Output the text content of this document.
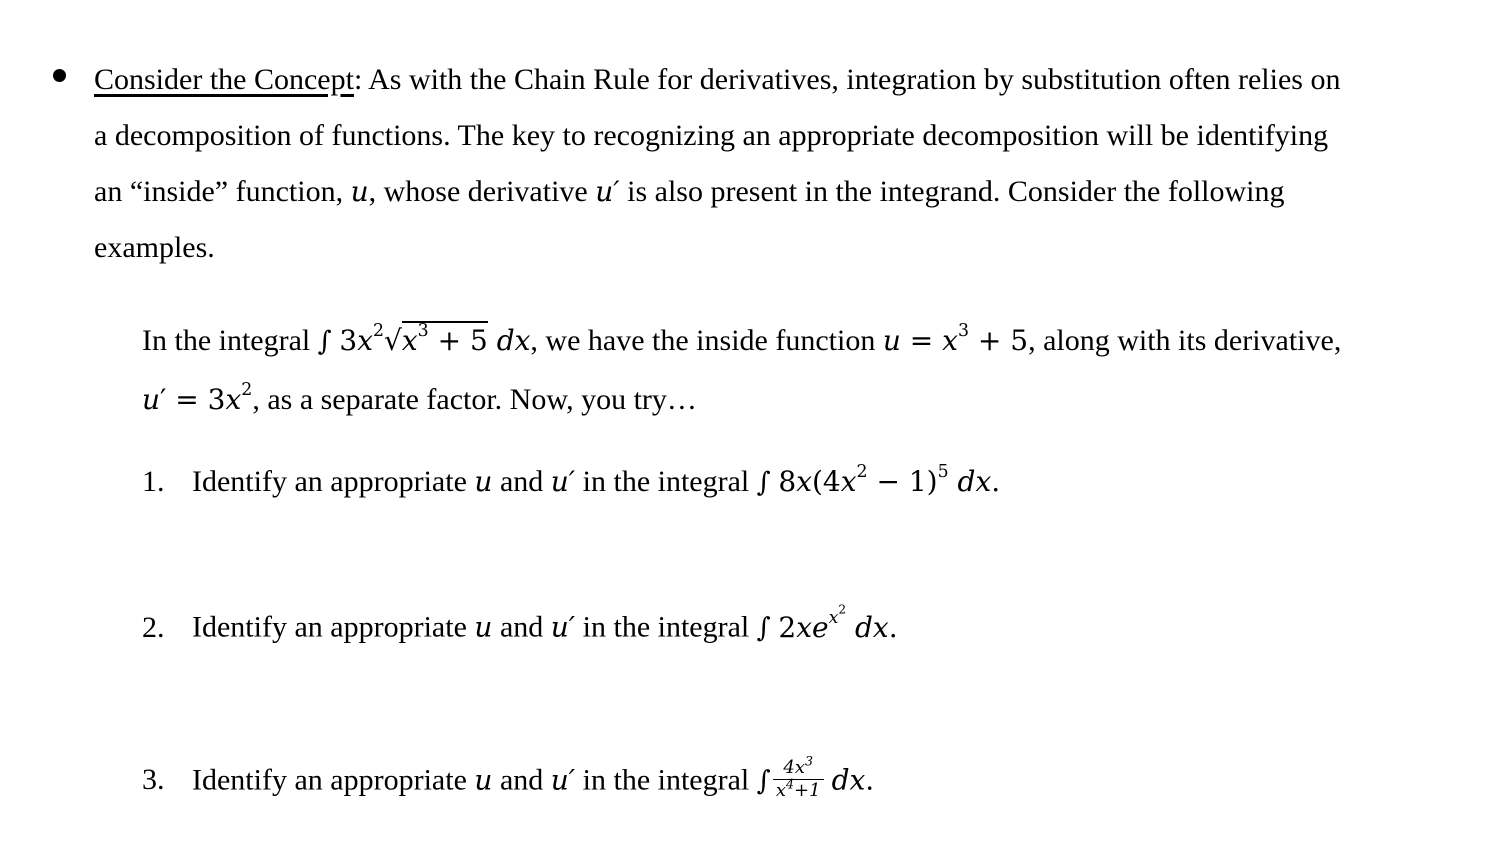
Consider the Concept: As with the Chain Rule for derivatives, integration by substitution often relies on
a decomposition of functions. The key to recognizing an appropriate decomposition will be identifying
an “inside” function, u, whose derivative u′ is also present in the integrand. Consider the following
examples.
In the integral ∫ $3x^2√x^3 + 5$ dx, we have the inside function $u = x^3 + 5$, along with its derivative,
$u' = 3x^2$, as a separate factor. Now, you try…
1. Identify an appropriate u and u′ in the integral ∫ $8x(4x^2 - 1)^5$ dx.
2. Identify an appropriate u and u′ in the integral ∫ $2xe^{x^2}$ dx.
3. Identify an appropriate u and u′ in the integral ∫ $\frac{4x^3}{x^4+1}$ dx.
